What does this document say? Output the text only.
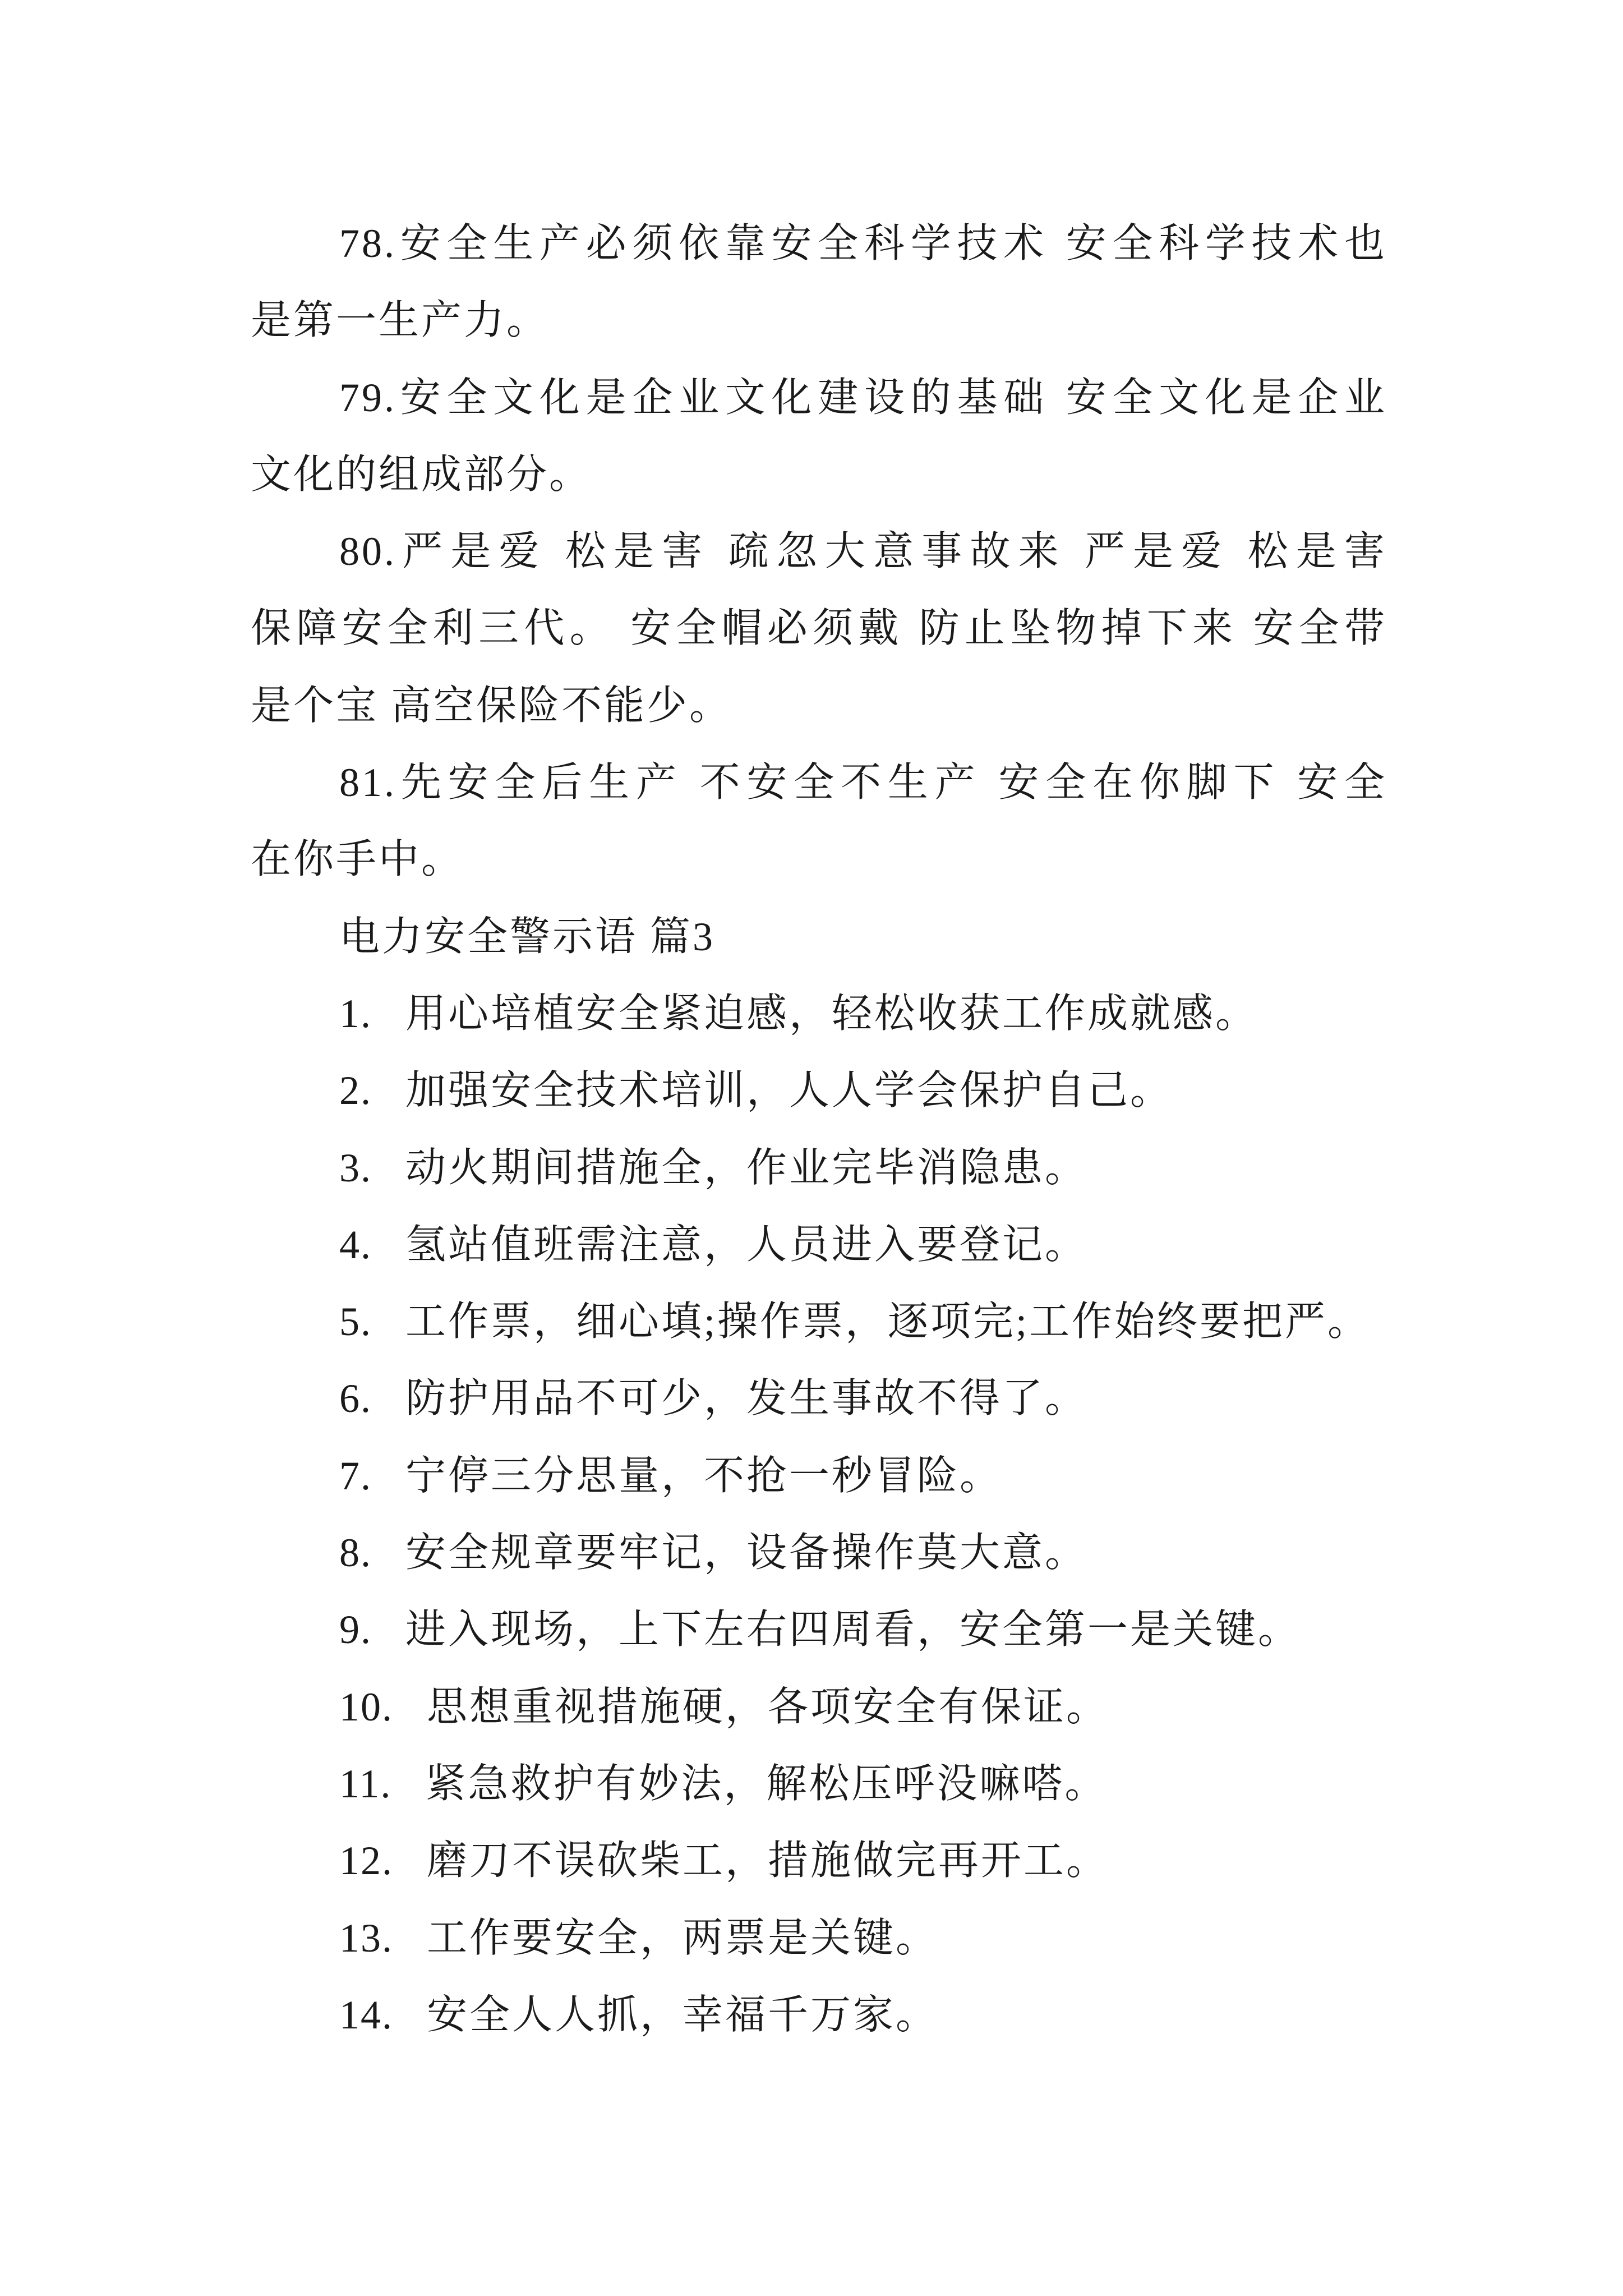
78.安全生产必须依靠安全科学技术 安全科学技术也
是第一生产力。
79.安全文化是企业文化建设的基础 安全文化是企业
文化的组成部分。
80.严是爱 松是害 疏忽大意事故来 严是爱 松是害
保障安全利三代。 安全帽必须戴 防止坠物掉下来 安全带
是个宝 高空保险不能少。
81.先安全后生产 不安全不生产 安全在你脚下 安全
在你手中。
电力安全警示语 篇3
1. 用心培植安全紧迫感，轻松收获工作成就感。
2. 加强安全技术培训，人人学会保护自己。
3. 动火期间措施全，作业完毕消隐患。
4. 氢站值班需注意，人员进入要登记。
5. 工作票，细心填;操作票，逐项完;工作始终要把严。
6. 防护用品不可少，发生事故不得了。
7. 宁停三分思量，不抢一秒冒险。
8. 安全规章要牢记，设备操作莫大意。
9. 进入现场，上下左右四周看，安全第一是关键。
10. 思想重视措施硬，各项安全有保证。
11. 紧急救护有妙法，解松压呼没嘛嗒。
12. 磨刀不误砍柴工，措施做完再开工。
13. 工作要安全，两票是关键。
14. 安全人人抓，幸福千万家。
